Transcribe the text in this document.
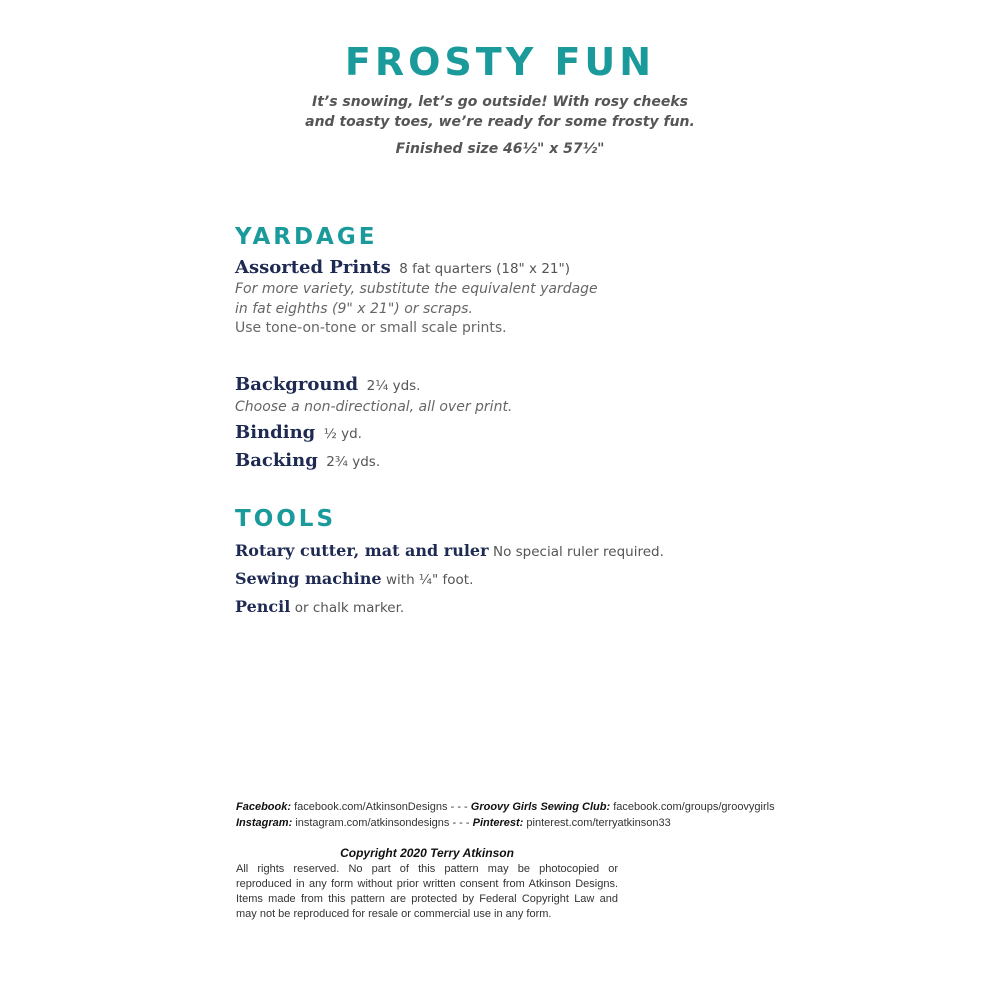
FROSTY FUN
It’s snowing, let’s go outside! With rosy cheeks
and toasty toes, we’re ready for some frosty fun.
Finished size 46½" x 57½"
YARDAGE
Assorted Prints 8 fat quarters (18" x 21")
For more variety, substitute the equivalent yardage
in fat eighths (9" x 21") or scraps.
Use tone-on-tone or small scale prints.
Background 2¼ yds.
Choose a non-directional, all over print.
Binding ½ yd.
Backing 2¾ yds.
TOOLS
Rotary cutter, mat and ruler No special ruler required.
Sewing machine with ¼" foot.
Pencil or chalk marker.
Facebook: facebook.com/AtkinsonDesigns - - - Groovy Girls Sewing Club: facebook.com/groups/groovygirls
Instagram: instagram.com/atkinsondesigns - - - Pinterest: pinterest.com/terryatkinson33
Copyright 2020 Terry Atkinson
All rights reserved. No part of this pattern may be photocopied or
reproduced in any form without prior written consent from Atkinson Designs.
Items made from this pattern are protected by Federal Copyright Law and
may not be reproduced for resale or commercial use in any form.
